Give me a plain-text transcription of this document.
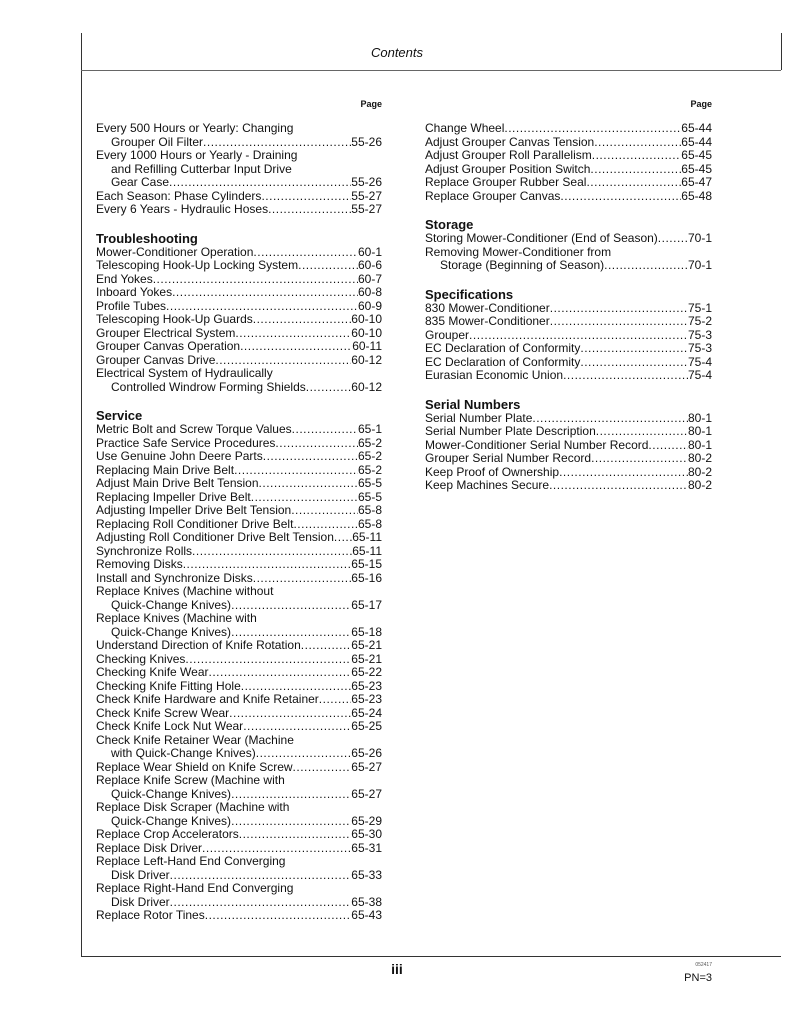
Contents
Page
Every 500 Hours or Yearly: Changing
Grouper Oil Filter .....	55-26
Every 1000 Hours or Yearly - Draining
and Refilling Cutterbar Input Drive
Gear Case .....	55-26
Each Season: Phase Cylinders .....	55-27
Every 6 Years - Hydraulic Hoses .....	55-27
Troubleshooting
Mower-Conditioner Operation .....	60-1
Telescoping Hook-Up Locking System .....	60-6
End Yokes .....	60-7
Inboard Yokes .....	60-8
Profile Tubes .....	60-9
Telescoping Hook-Up Guards .....	60-10
Grouper Electrical System .....	60-10
Grouper Canvas Operation .....	60-11
Grouper Canvas Drive .....	60-12
Electrical System of Hydraulically
Controlled Windrow Forming Shields .....	60-12
Service
Metric Bolt and Screw Torque Values .....	65-1
Practice Safe Service Procedures .....	65-2
Use Genuine John Deere Parts .....	65-2
Replacing Main Drive Belt .....	65-2
Adjust Main Drive Belt Tension .....	65-5
Replacing Impeller Drive Belt .....	65-5
Adjusting Impeller Drive Belt Tension .....	65-8
Replacing Roll Conditioner Drive Belt .....	65-8
Adjusting Roll Conditioner Drive Belt Tension ..... 65-11
Synchronize Rolls .....	65-11
Removing Disks .....	65-15
Install and Synchronize Disks .....	65-16
Replace Knives (Machine without
Quick-Change Knives) .....	65-17
Replace Knives (Machine with
Quick-Change Knives) .....	65-18
Understand Direction of Knife Rotation .....	65-21
Checking Knives .....	65-21
Checking Knife Wear .....	65-22
Checking Knife Fitting Hole .....	65-23
Check Knife Hardware and Knife Retainer .....	65-23
Check Knife Screw Wear .....	65-24
Check Knife Lock Nut Wear .....	65-25
Check Knife Retainer Wear (Machine
with Quick-Change Knives) .....	65-26
Replace Wear Shield on Knife Screw .....	65-27
Replace Knife Screw (Machine with
Quick-Change Knives) .....	65-27
Replace Disk Scraper (Machine with
Quick-Change Knives) .....	65-29
Replace Crop Accelerators .....	65-30
Replace Disk Driver .....	65-31
Replace Left-Hand End Converging
Disk Driver .....	65-33
Replace Right-Hand End Converging
Disk Driver .....	65-38
Replace Rotor Tines .....	65-43
Page
Change Wheel .....	65-44
Adjust Grouper Canvas Tension .....	65-44
Adjust Grouper Roll Parallelism .....	65-45
Adjust Grouper Position Switch .....	65-45
Replace Grouper Rubber Seal .....	65-47
Replace Grouper Canvas .....	65-48
Storage
Storing Mower-Conditioner (End of Season) .....	70-1
Removing Mower-Conditioner from
Storage (Beginning of Season) .....	70-1
Specifications
830 Mower-Conditioner .....	75-1
835 Mower-Conditioner .....	75-2
Grouper .....	75-3
EC Declaration of Conformity .....	75-3
EC Declaration of Conformity .....	75-4
Eurasian Economic Union .....	75-4
Serial Numbers
Serial Number Plate .....	80-1
Serial Number Plate Description .....	80-1
Mower-Conditioner Serial Number Record .....	80-1
Grouper Serial Number Record .....	80-2
Keep Proof of Ownership .....	80-2
Keep Machines Secure .....	80-2
iii	052417
PN=3
